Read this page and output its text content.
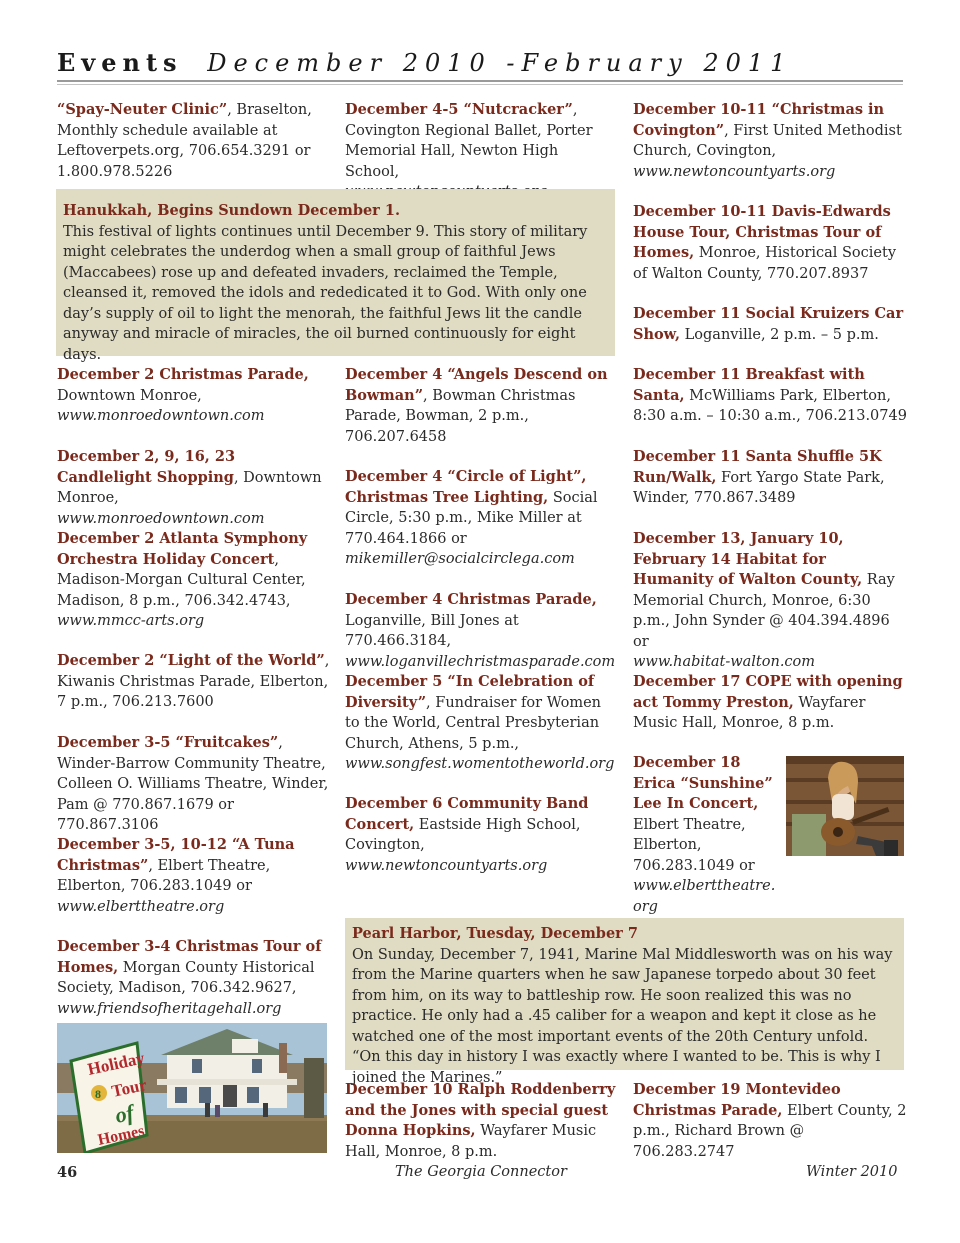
Events December 2010 -February 2011
“Spay-Neuter Clinic”, Braselton, Monthly schedule available at Leftoverpets.org, 706.654.3291 or 1.800.978.5226
December 2 Christmas Parade, Downtown Monroe,
www.monroedowntown.com
December 2, 9, 16, 23 Candlelight Shopping, Downtown Monroe,
www.monroedowntown.com
December 2 Atlanta Symphony Orchestra Holiday Concert, Madison-Morgan Cultural Center, Madison, 8 p.m., 706.342.4743,
www.mmcc-arts.org
December 2 “Light of the World”, Kiwanis Christmas Parade, Elberton, 7 p.m., 706.213.7600
December 3-5 “Fruitcakes”, Winder-Barrow Community Theatre, Colleen O. Williams Theatre, Winder, Pam @ 770.867.1679 or 770.867.3106
December 3-5, 10-12 “A Tuna Christmas”, Elbert Theatre, Elberton, 706.283.1049 or
www.elberttheatre.org
December 3-4 Christmas Tour of Homes, Morgan County Historical Society, Madison, 706.342.9627,
www.friendsofheritagehall.org
Holiday
8 Tour
of
Homes
December 4-5 “Nutcracker”, Covington Regional Ballet, Porter Memorial Hall, Newton High School,

December 4 “Angels Descend on Bowman”, Bowman Christmas Parade, Bowman, 2 p.m., 706.207.6458
December 4 “Circle of Light”, Christmas Tree Lighting, Social Circle, 5:30 p.m., Mike Miller at 770.464.1866 or
mikemiller@socialcirclega.com
December 4 Christmas Parade, Loganville, Bill Jones at 770.466.3184,
www.loganvillechristmasparade.com
December 5 “In Celebration of Diversity”, Fundraiser for Women to the World, Central Presbyterian Church, Athens, 5 p.m.,
www.songfest.womentotheworld.org
December 6 Community Band Concert, Eastside High School, Covington,
www.newtoncountyarts.org
December 10 Ralph Roddenberry and the Jones with special guest Donna Hopkins, Wayfarer Music Hall, Monroe, 8 p.m.
December 10-11 “Christmas in Covington”, First United Methodist Church, Covington,
www.newtoncountyarts.org
December 10-11 Davis-Edwards House Tour, Christmas Tour of Homes, Monroe, Historical Society of Walton County, 770.207.8937
December 11 Social Kruizers Car Show, Loganville, 2 p.m. – 5 p.m.
December 11 Breakfast with Santa, McWilliams Park, Elberton, 8:30 a.m. – 10:30 a.m., 706.213.0749
December 11 Santa Shuffle 5K Run/Walk, Fort Yargo State Park, Winder, 770.867.3489
December 13, January 10, February 14 Habitat for Humanity of Walton County, Ray Memorial Church, Monroe, 6:30 p.m., John Synder @ 404.394.4896 or
www.habitat-walton.com
December 17 COPE with opening act Tommy Preston, Wayfarer Music Hall, Monroe, 8 p.m.
December 18 Erica “Sunshine” Lee In Concert, Elbert Theatre, Elberton, 706.283.1049 or
www.elberttheatre.org
December 19 Montevideo Christmas Parade, Elbert County, 2 p.m., Richard Brown @ 706.283.2747
Hanukkah, Begins Sundown December 1.
This festival of lights continues until December 9. This story of military might celebrates the underdog when a small group of faithful Jews (Maccabees) rose up and defeated invaders, reclaimed the Temple, cleansed it, removed the idols and rededicated it to God. With only one day’s supply of oil to light the menorah, the faithful Jews lit the candle anyway and miracle of miracles, the oil burned continuously for eight days.
Pearl Harbor, Tuesday, December 7
On Sunday, December 7, 1941, Marine Mal Middlesworth was on his way from the Marine quarters when he saw Japanese torpedo about 30 feet from him, on its way to battleship row. He soon realized this was no practice. He only had a .45 caliber for a weapon and kept it close as he watched one of the most important events of the 20th Century unfold. “On this day in history I was exactly where I wanted to be. This is why I joined the Marines.”
46	The Georgia Connector	Winter 2010
